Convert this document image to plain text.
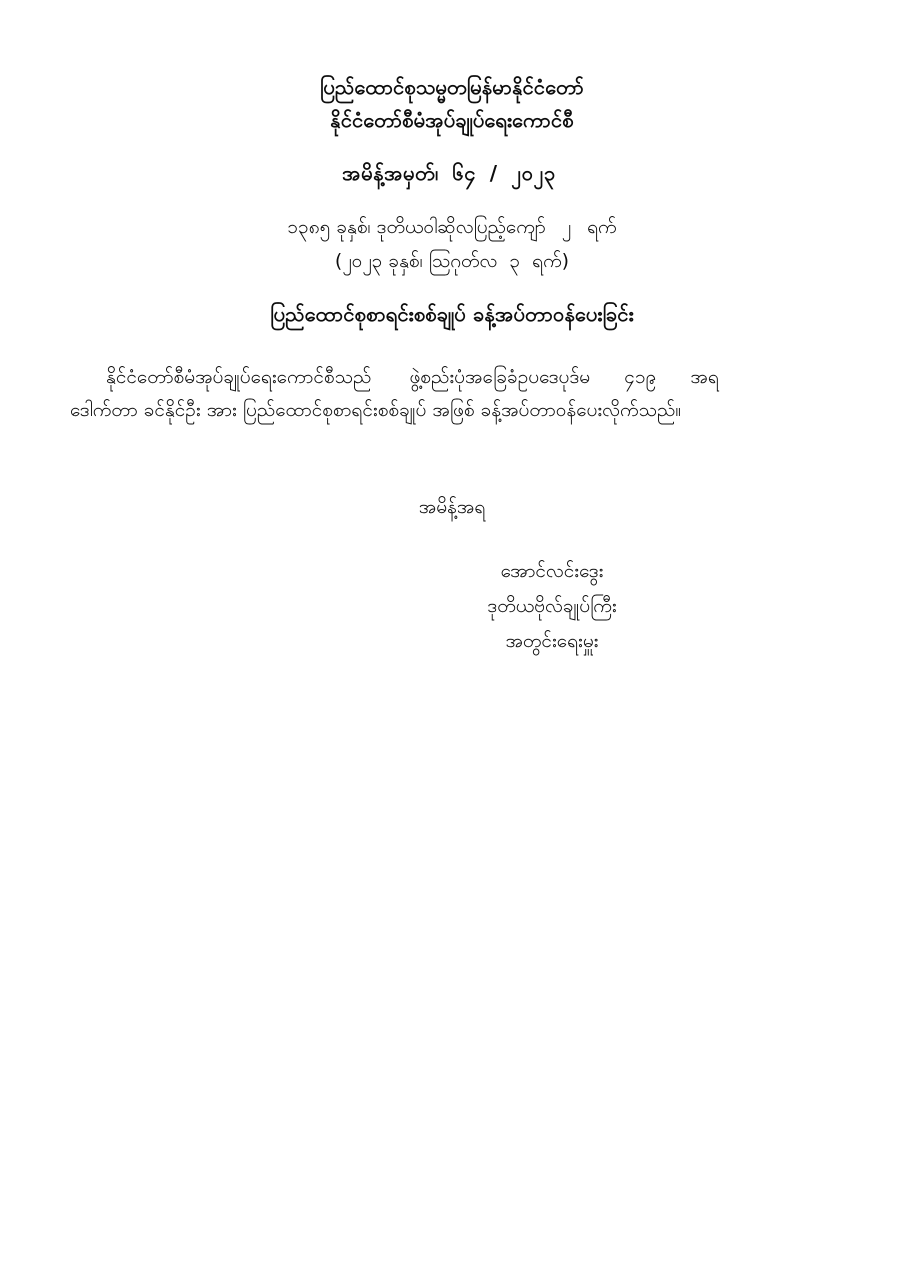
ပြည်ထောင်စုသမ္မတမြန်မာနိုင်ငံတော်
နိုင်ငံတော်စီမံအုပ်ချုပ်ရေးကောင်စီ
အမိန့်အမှတ်၊ ၆၄ / ၂၀၂၃
၁၃၈၅ ခုနှစ်၊ ဒုတိယဝါဆိုလပြည့်ကျော် ၂ ရက်
(၂၀၂၃ ခုနှစ်၊ သြဂုတ်လ ၃ ရက်)
ပြည်ထောင်စုစာရင်းစစ်ချုပ် ခန့်အပ်တာဝန်ပေးခြင်း
နိုင်ငံတော်စီမံအုပ်ချုပ်ရေးကောင်စီသည် ဖွဲ့စည်းပုံအခြေခံဥပဒေပုဒ်မ ၄၁၉ အရ
ဒေါက်တာ ခင်နိုင်ဦး အား ပြည်ထောင်စုစာရင်းစစ်ချုပ် အဖြစ် ခန့်အပ်တာဝန်ပေးလိုက်သည်။
အမိန့်အရ
အောင်လင်းဒွေး
ဒုတိယဗိုလ်ချုပ်ကြီး
အတွင်းရေးမှူး
